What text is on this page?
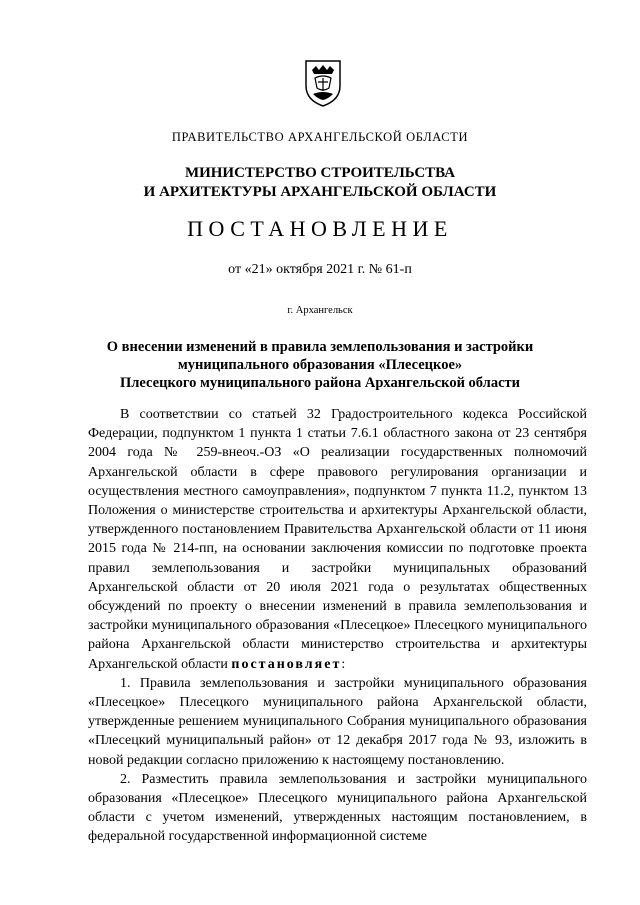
ПРАВИТЕЛЬСТВО АРХАНГЕЛЬСКОЙ ОБЛАСТИ
МИНИСТЕРСТВО СТРОИТЕЛЬСТВА
И АРХИТЕКТУРЫ АРХАНГЕЛЬСКОЙ ОБЛАСТИ
ПОСТАНОВЛЕНИЕ
от «21» октября 2021 г. № 61-п
г. Архангельск
О внесении изменений в правила землепользования и застройки
муниципального образования «Плесецкое»
Плесецкого муниципального района Архангельской области

В соответствии со статьей 32 Градостроительного кодекса Российской Федерации, подпунктом 1 пункта 1 статьи 7.6.1 областного закона от 23 сентября 2004 года № 259-внеоч.-ОЗ «О реализации государственных полномочий Архангельской области в сфере правового регулирования организации и осуществления местного самоуправления», подпунктом 7 пункта 11.2, пунктом 13 Положения о министерстве строительства и архитектуры Архангельской области, утвержденного постановлением Правительства Архангельской области от 11 июня 2015 года № 214-пп, на основании заключения комиссии по подготовке проекта правил землепользования и застройки муниципальных образований Архангельской области от 20 июля 2021 года о результатах общественных обсуждений по проекту о внесении изменений в правила землепользования и застройки муниципального образования «Плесецкое» Плесецкого муниципального района Архангельской области министерство строительства и архитектуры Архангельской области постановляет:

1. Правила землепользования и застройки муниципального образования «Плесецкое» Плесецкого муниципального района Архангельской области, утвержденные решением муниципального Собрания муниципального образования «Плесецкий муниципальный район» от 12 декабря 2017 года № 93, изложить в новой редакции согласно приложению к настоящему постановлению.

2. Разместить правила землепользования и застройки муниципального образования «Плесецкое» Плесецкого муниципального района Архангельской области с учетом изменений, утвержденных настоящим постановлением, в федеральной государственной информационной системе
